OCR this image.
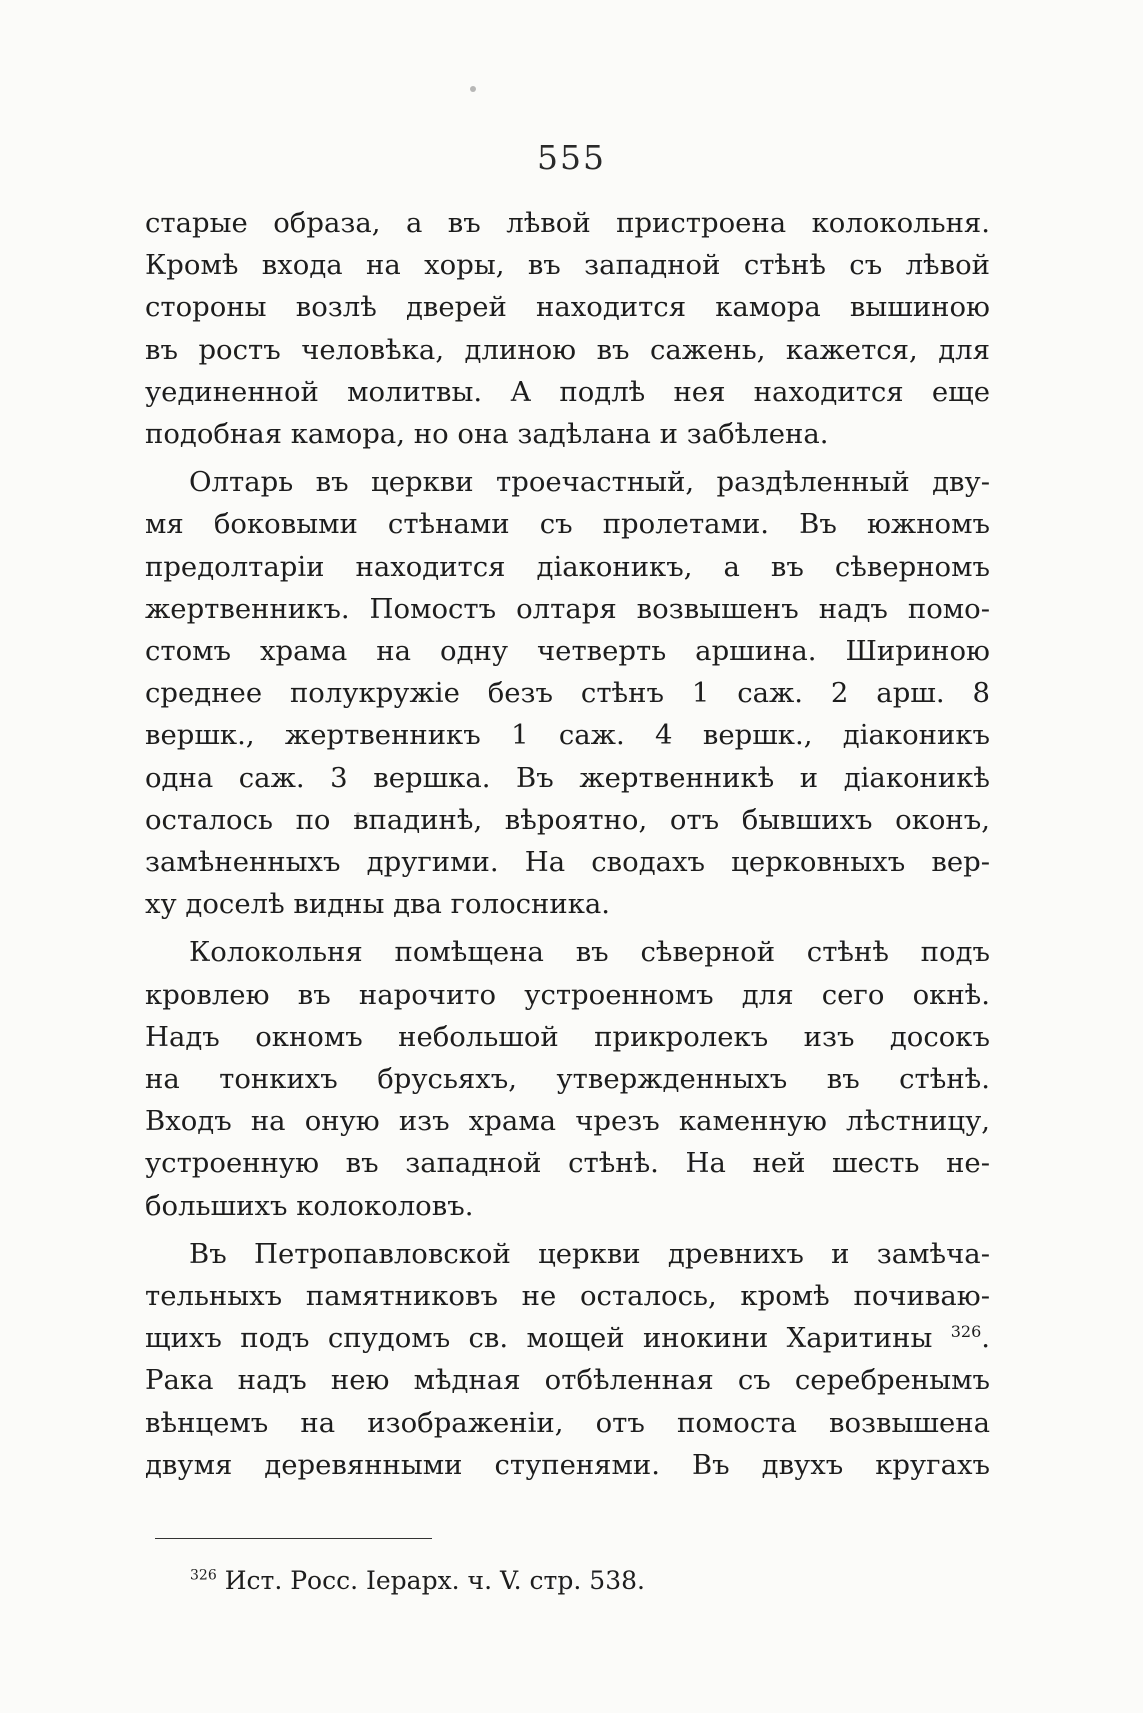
555
старые образа, а въ лѣвой пристроена колокольня.
Кромѣ входа на хоры, въ западной стѣнѣ съ лѣвой
стороны возлѣ дверей находится камора вышиною
въ ростъ человѣка, длиною въ сажень, кажется, для
уединенной молитвы. А подлѣ нея находится еще
подобная камора, но она задѣлана и забѣлена.
Олтарь въ церкви троечастный, раздѣленный дву-
мя боковыми стѣнами съ пролетами. Въ южномъ
предолтаріи находится діаконикъ, а въ сѣверномъ
жертвенникъ. Помостъ олтаря возвышенъ надъ помо-
стомъ храма на одну четверть аршина. Шириною
среднее полукружіе безъ стѣнъ 1 саж. 2 арш. 8
вершк., жертвенникъ 1 саж. 4 вершк., діаконикъ
одна саж. 3 вершка. Въ жертвенникѣ и діаконикѣ
осталось по впадинѣ, вѣроятно, отъ бывшихъ оконъ,
замѣненныхъ другими. На сводахъ церковныхъ вер-
ху доселѣ видны два голосника.
Колокольня помѣщена въ сѣверной стѣнѣ подъ
кровлею въ нарочито устроенномъ для сего окнѣ.
Надъ окномъ небольшой прикролекъ изъ досокъ
на тонкихъ брусьяхъ, утвержденныхъ въ стѣнѣ.
Входъ на оную изъ храма чрезъ каменную лѣстницу,
устроенную въ западной стѣнѣ. На ней шесть не-
большихъ колоколовъ.
Въ Петропавловской церкви древнихъ и замѣча-
тельныхъ памятниковъ не осталось, кромѣ почиваю-
щихъ подъ спудомъ св. мощей инокини Харитины $^{326}$.
Рака надъ нею мѣдная отбѣленная съ серебренымъ
вѣнцемъ на изображеніи, отъ помоста возвышена
двумя деревянными ступенями. Въ двухъ кругахъ
$^{326}$ Ист. Росс. Іерарх. ч. V. стр. 538.
